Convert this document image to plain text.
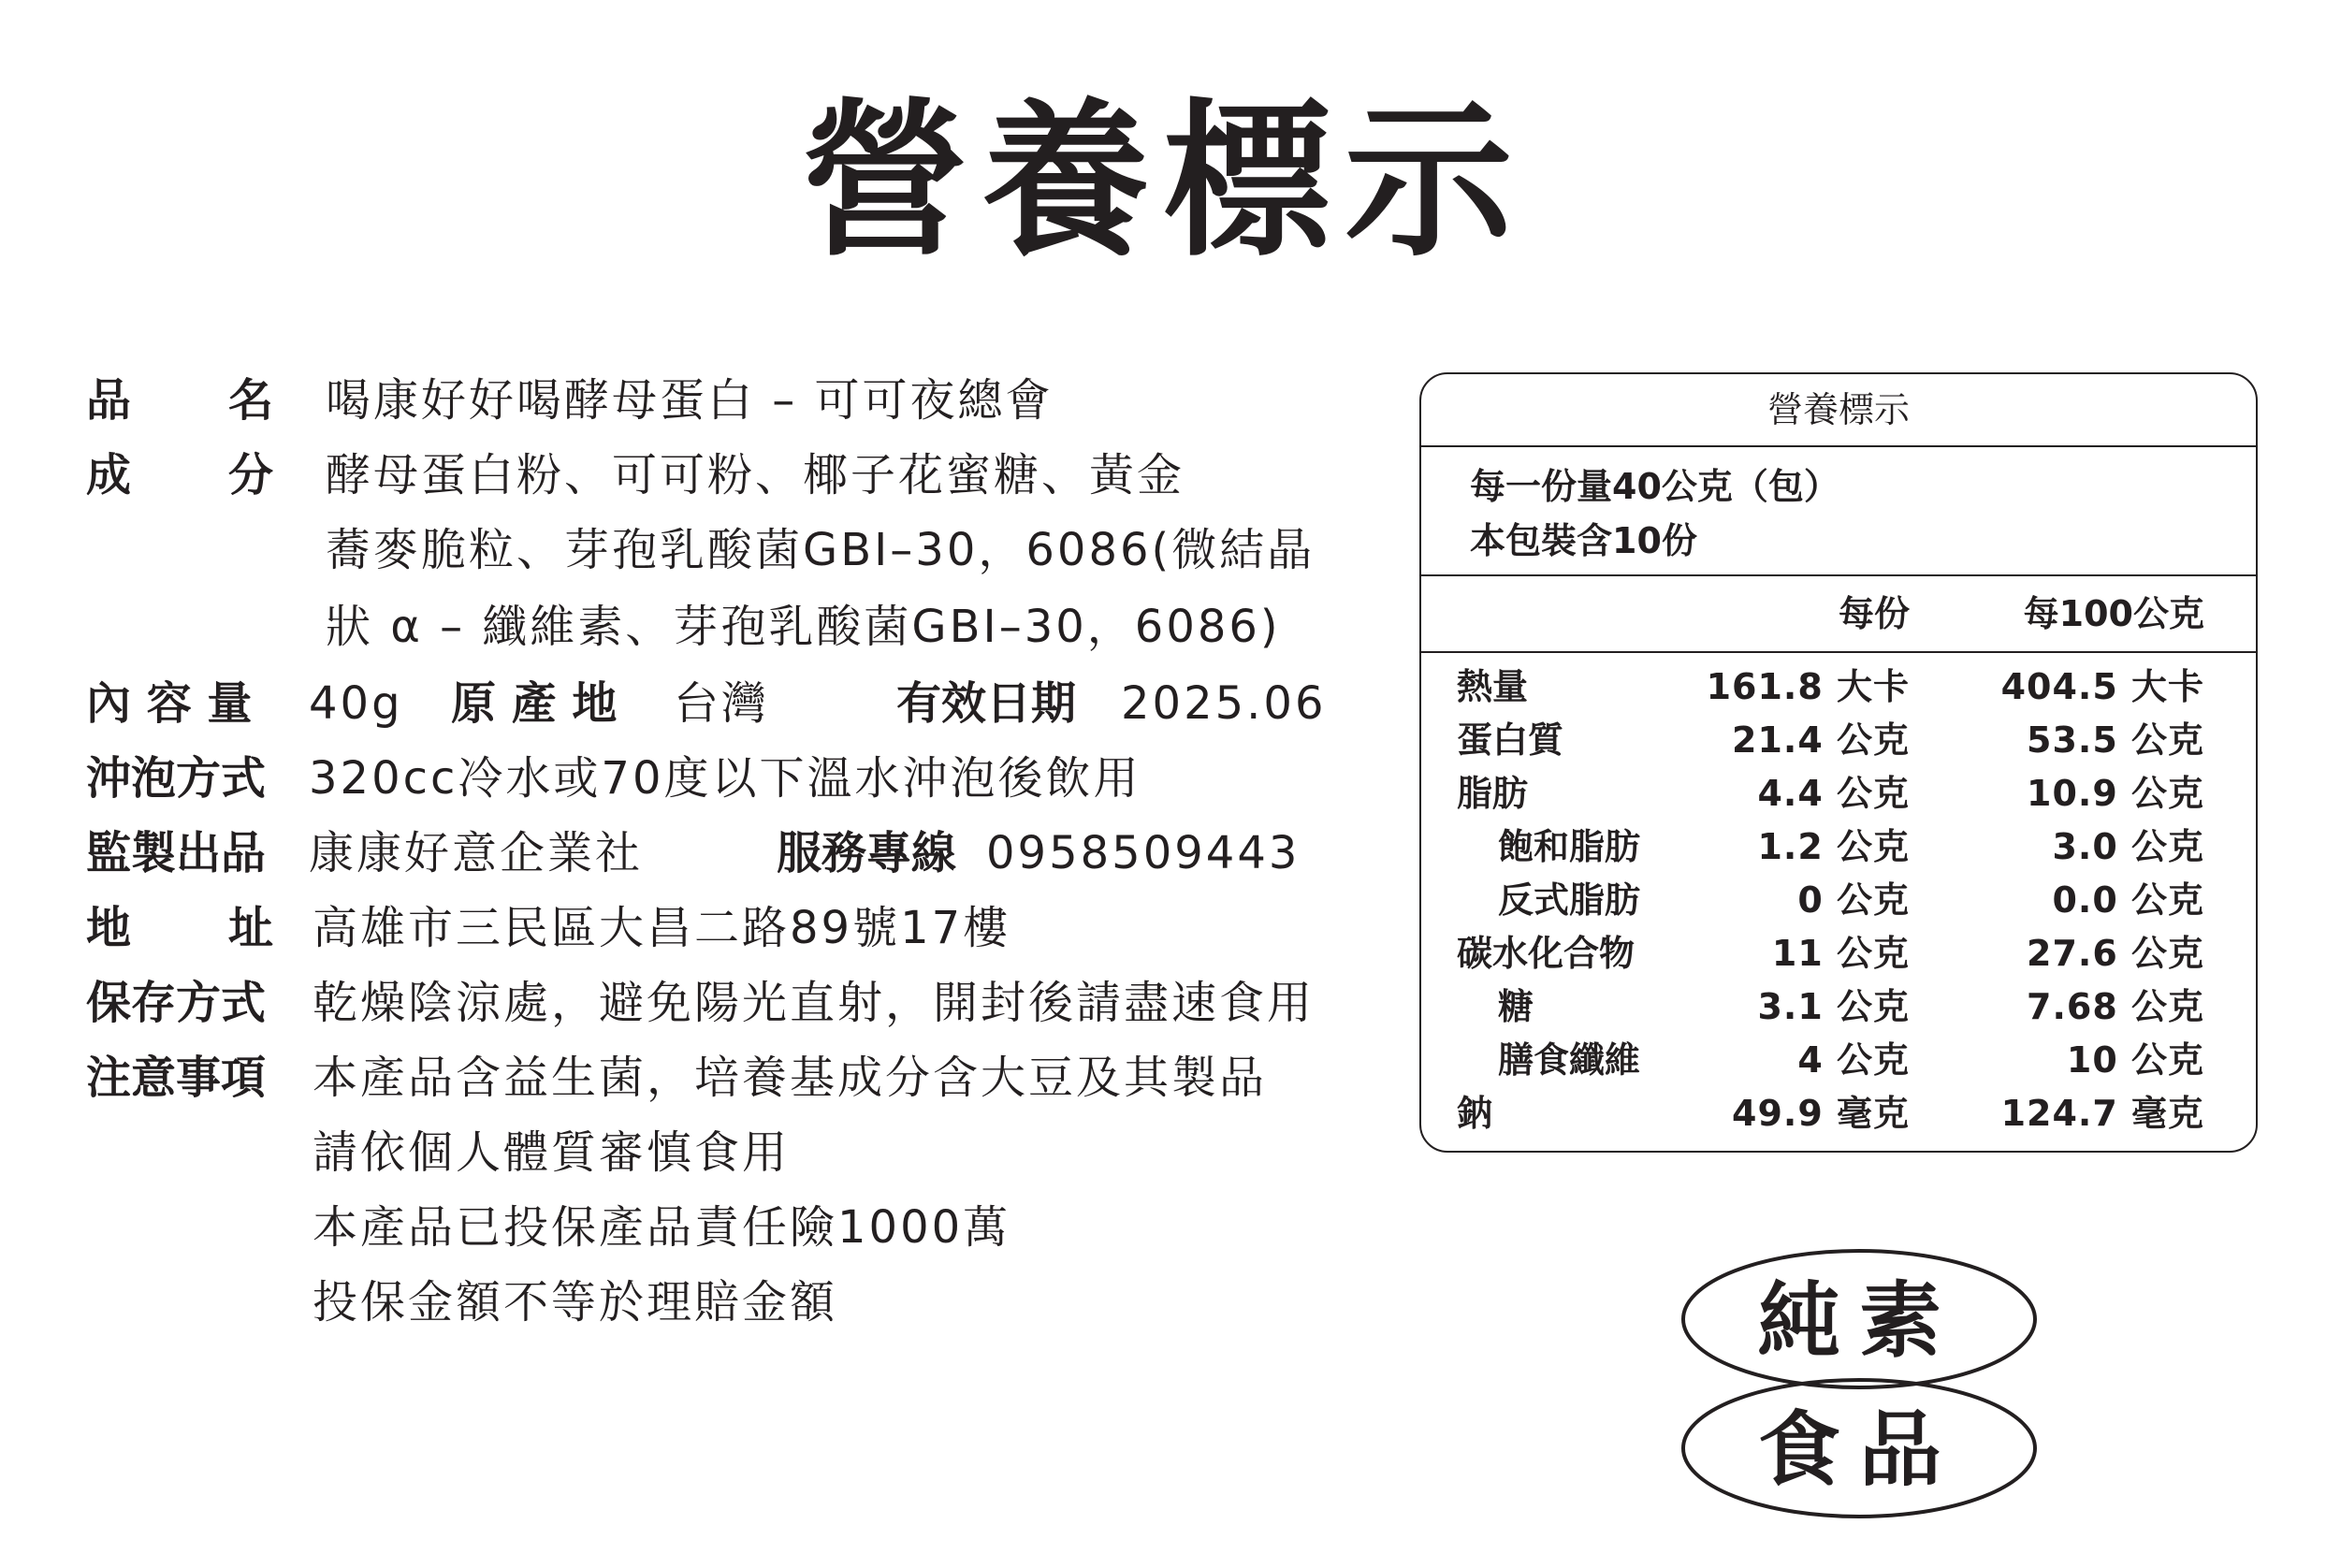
營養標示
品 名 喝康好好喝酵母蛋白 – 可可夜總會
成 分 酵母蛋白粉、可可粉、椰子花蜜糖、黃金
蕎麥脆粒、芽孢乳酸菌GBI–30，6086(微結晶
狀 α – 纖維素、芽孢乳酸菌GBI–30，6086)
內 容 量 40g 原 產 地 台灣	有效日期 2025.06
沖泡方式 320cc冷水或70度以下溫水沖泡後飲用
監製出品 康康好意企業社	服務專線 0958509443
地 址 高雄市三民區大昌二路89號17樓
保存方式 乾燥陰涼處，避免陽光直射，開封後請盡速食用
注意事項 本產品含益生菌，培養基成分含大豆及其製品
請依個人體質審慎食用
本產品已投保產品責任險1000萬
投保金額不等於理賠金額
營養標示
每一份量40公克（包）
本包裝含10份
每份	每100公克
熱量	161.8 大卡	404.5 大卡
蛋白質	21.4 公克	53.5 公克
脂肪	4.4 公克	10.9 公克
飽和脂肪	1.2 公克	3.0 公克
反式脂肪	0 公克	0.0 公克
碳水化合物	11 公克	27.6 公克
糖	3.1 公克	7.68 公克
膳食纖維	4 公克	10 公克
鈉	49.9 毫克	124.7 毫克
純素
食品
